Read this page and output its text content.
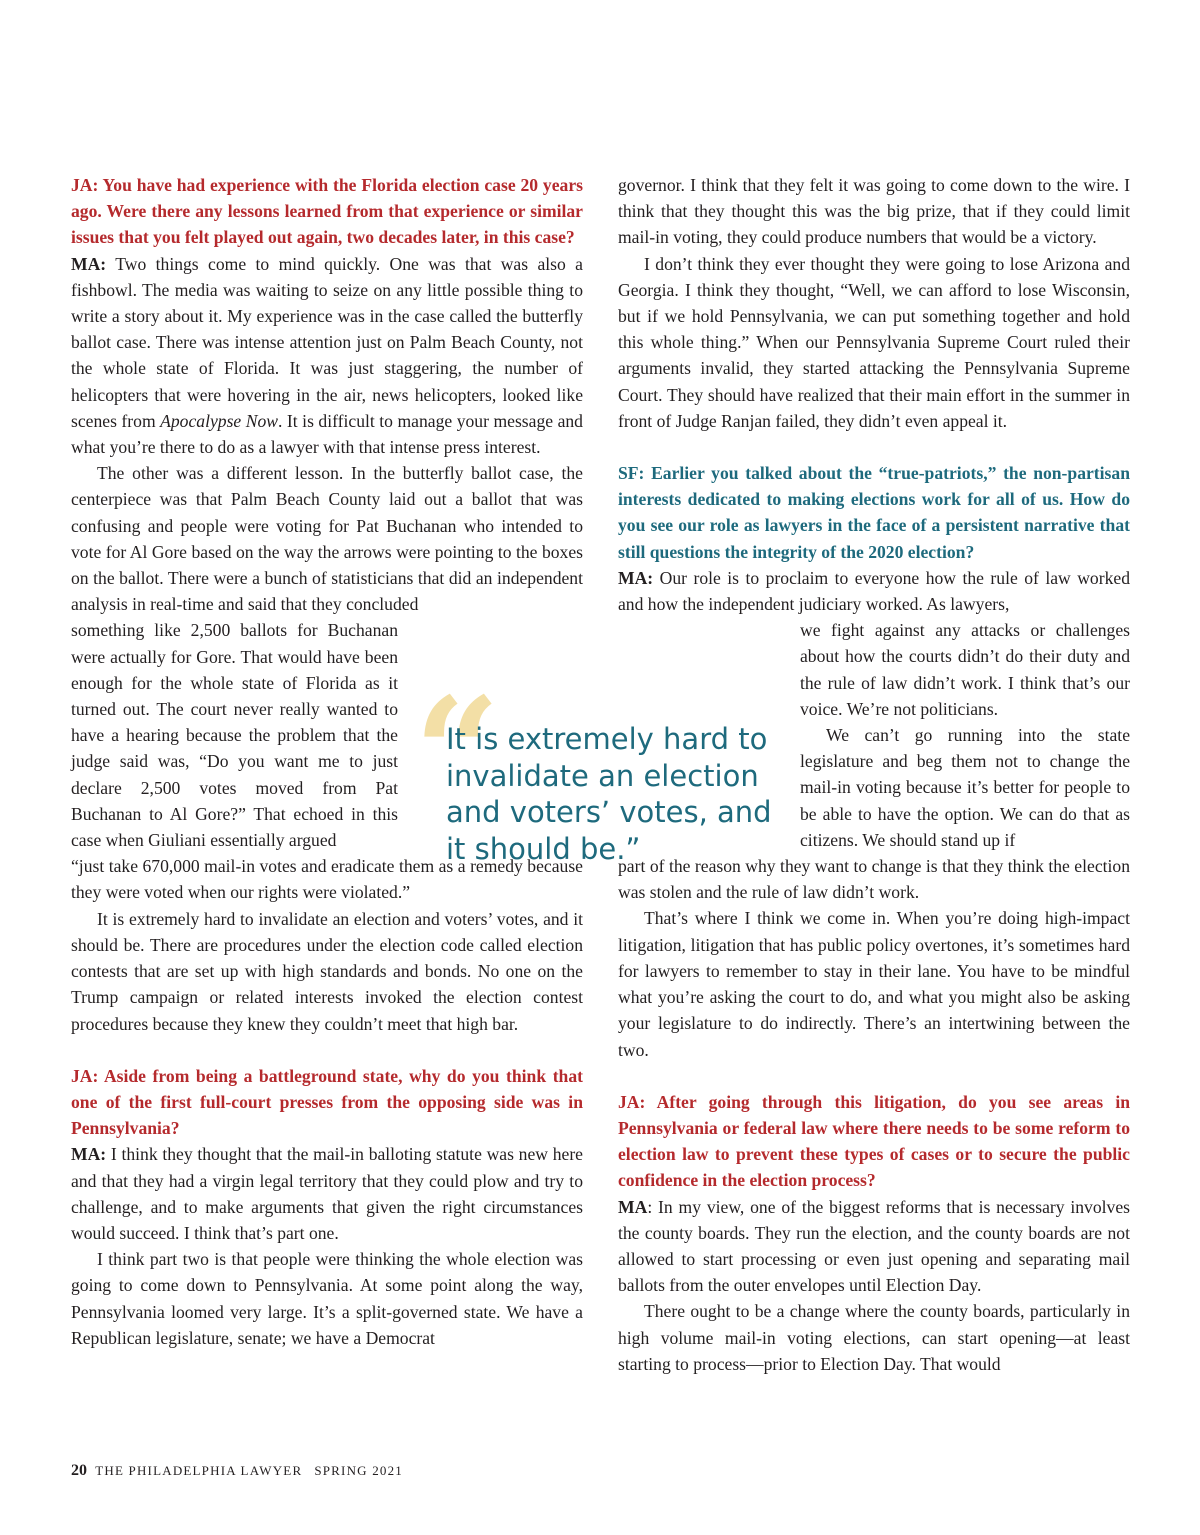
JA: You have had experience with the Florida election case 20 years ago. Were there any lessons learned from that experience or similar issues that you felt played out again, two decades later, in this case?

MA: Two things come to mind quickly. One was that was also a fishbowl. The media was waiting to seize on any little possible thing to write a story about it. My experience was in the case called the butterfly ballot case. There was intense attention just on Palm Beach County, not the whole state of Florida. It was just staggering, the number of helicopters that were hovering in the air, news helicopters, looked like scenes from Apocalypse Now. It is difficult to manage your message and what you’re there to do as a lawyer with that intense press interest.

The other was a different lesson. In the butterfly ballot case, the centerpiece was that Palm Beach County laid out a ballot that was confusing and people were voting for Pat Buchanan who intended to vote for Al Gore based on the way the arrows were pointing to the boxes on the ballot. There were a bunch of statisticians that did an independent analysis in real-time and said that they concluded

something like 2,500 ballots for Buchanan were actually for Gore. That would have been enough for the whole state of Florida as it turned out. The court never really wanted to have a hearing because the problem that the judge said was, “Do you want me to just declare 2,500 votes moved from Pat Buchanan to Al Gore?” That echoed in this case when Giuliani essentially argued

“just take 670,000 mail-in votes and eradicate them as a remedy because they were voted when our rights were violated.”

It is extremely hard to invalidate an election and voters’ votes, and it should be. There are procedures under the election code called election contests that are set up with high standards and bonds. No one on the Trump campaign or related interests invoked the election contest procedures because they knew they couldn’t meet that high bar.

JA: Aside from being a battleground state, why do you think that one of the first full-court presses from the opposing side was in Pennsylvania?

MA: I think they thought that the mail-in balloting statute was new here and that they had a virgin legal territory that they could plow and try to challenge, and to make arguments that given the right circumstances would succeed. I think that’s part one.

I think part two is that people were thinking the whole election was going to come down to Pennsylvania. At some point along the way, Pennsylvania loomed very large. It’s a split-governed state. We have a Republican legislature, senate; we have a Democrat

governor. I think that they felt it was going to come down to the wire. I think that they thought this was the big prize, that if they could limit mail-in voting, they could produce numbers that would be a victory.

I don’t think they ever thought they were going to lose Arizona and Georgia. I think they thought, “Well, we can afford to lose Wisconsin, but if we hold Pennsylvania, we can put something together and hold this whole thing.” When our Pennsylvania Supreme Court ruled their arguments invalid, they started attacking the Pennsylvania Supreme Court. They should have realized that their main effort in the summer in front of Judge Ranjan failed, they didn’t even appeal it.

SF: Earlier you talked about the “true-patriots,” the non-partisan interests dedicated to making elections work for all of us. How do you see our role as lawyers in the face of a persistent narrative that still questions the integrity of the 2020 election?

MA: Our role is to proclaim to everyone how the rule of law worked and how the independent judiciary worked. As lawyers,

we fight against any attacks or challenges about how the courts didn’t do their duty and the rule of law didn’t work. I think that’s our voice. We’re not politicians.

We can’t go running into the state legislature and beg them not to change the mail-in voting because it’s better for people to be able to have the option. We can do that as citizens. We should stand up if

part of the reason why they want to change is that they think the election was stolen and the rule of law didn’t work.

That’s where I think we come in. When you’re doing high-impact litigation, litigation that has public policy overtones, it’s sometimes hard for lawyers to remember to stay in their lane. You have to be mindful what you’re asking the court to do, and what you might also be asking your legislature to do indirectly. There’s an intertwining between the two.

JA: After going through this litigation, do you see areas in Pennsylvania or federal law where there needs to be some reform to election law to prevent these types of cases or to secure the public confidence in the election process?

MA: In my view, one of the biggest reforms that is necessary involves the county boards. They run the election, and the county boards are not allowed to start processing or even just opening and separating mail ballots from the outer envelopes until Election Day.

There ought to be a change where the county boards, particularly in high volume mail-in voting elections, can start opening—at least starting to process—prior to Election Day. That would

“
It is extremely hard to invalidate an election and voters’ votes, and it should be.”
20 THE PHILADELPHIA LAWYER SPRING 2021
